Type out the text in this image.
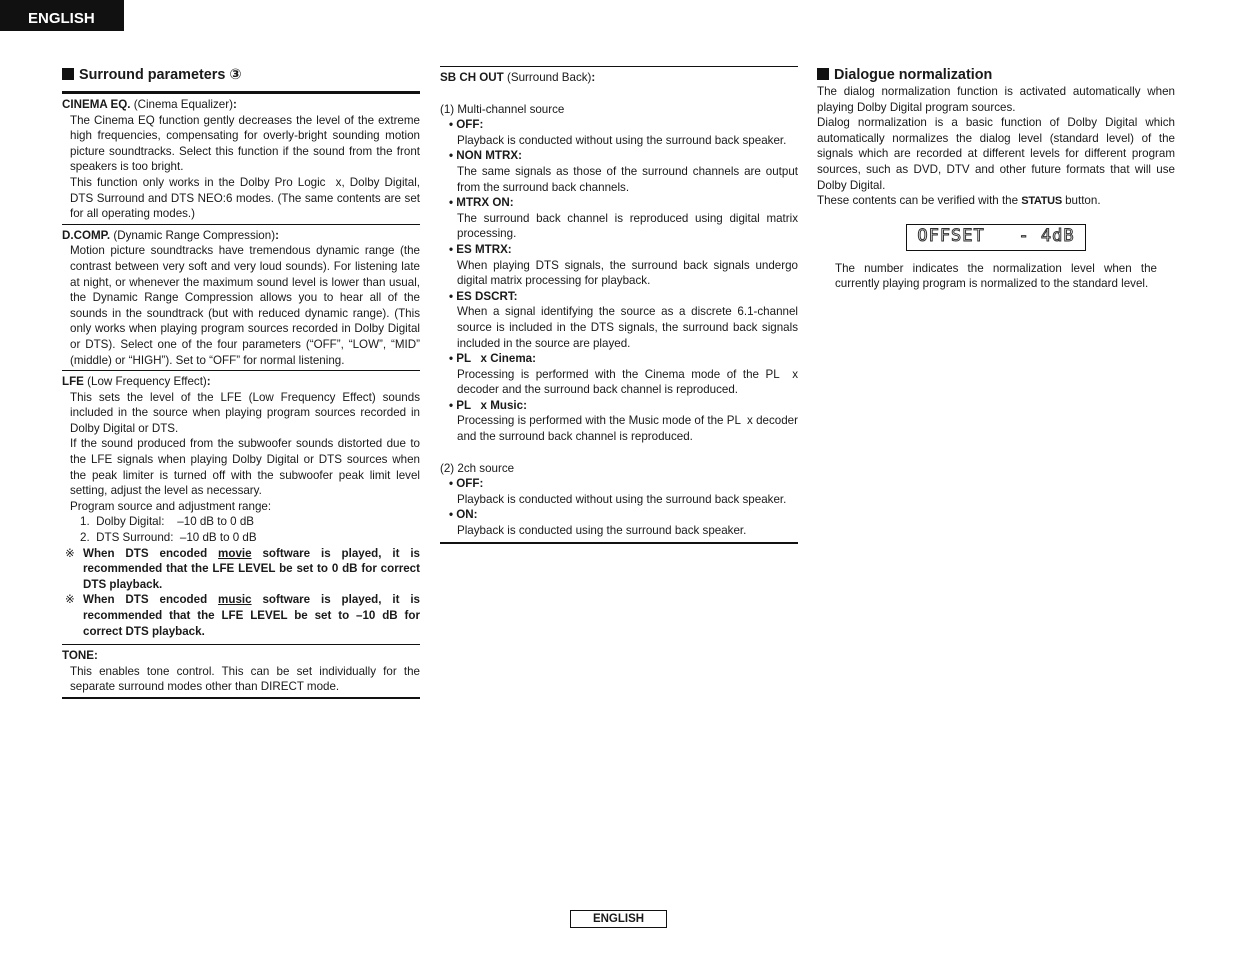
ENGLISH
Surround parameters ③
CINEMA EQ. (Cinema Equalizer):
The Cinema EQ function gently decreases the level of the extreme high frequencies, compensating for overly-bright sounding motion picture soundtracks. Select this function if the sound from the front speakers is too bright.
This function only works in the Dolby Pro Logic  x, Dolby Digital, DTS Surround and DTS NEO:6 modes. (The same contents are set for all operating modes.)
D.COMP. (Dynamic Range Compression):
Motion picture soundtracks have tremendous dynamic range (the contrast between very soft and very loud sounds). For listening late at night, or whenever the maximum sound level is lower than usual, the Dynamic Range Compression allows you to hear all of the sounds in the soundtrack (but with reduced dynamic range). (This only works when playing program sources recorded in Dolby Digital or DTS). Select one of the four parameters (“OFF”, “LOW”, “MID” (middle) or “HIGH”). Set to “OFF” for normal listening.
LFE (Low Frequency Effect):
This sets the level of the LFE (Low Frequency Effect) sounds included in the source when playing program sources recorded in Dolby Digital or DTS.
If the sound produced from the subwoofer sounds distorted due to the LFE signals when playing Dolby Digital or DTS sources when the peak limiter is turned off with the subwoofer peak limit level setting, adjust the level as necessary.
Program source and adjustment range:
1.  Dolby Digital:    –10 dB to 0 dB
2.  DTS Surround:  –10 dB to 0 dB
※ When DTS encoded movie software is played, it is recommended that the LFE LEVEL be set to 0 dB for correct DTS playback.
※ When DTS encoded music software is played, it is recommended that the LFE LEVEL be set to –10 dB for correct DTS playback.
TONE:
This enables tone control. This can be set individually for the separate surround modes other than DIRECT mode.
SB CH OUT (Surround Back):
(1) Multi-channel source
• OFF:
Playback is conducted without using the surround back speaker.
• NON MTRX:
The same signals as those of the surround channels are output from the surround back channels.
• MTRX ON:
The surround back channel is reproduced using digital matrix processing.
• ES MTRX:
When playing DTS signals, the surround back signals undergo digital matrix processing for playback.
• ES DSCRT:
When a signal identifying the source as a discrete 6.1-channel source is included in the DTS signals, the surround back signals included in the source are played.
• PL   x Cinema:
Processing is performed with the Cinema mode of the PL  x decoder and the surround back channel is reproduced.
• PL   x Music:
Processing is performed with the Music mode of the PL  x decoder and the surround back channel is reproduced.
(2) 2ch source
• OFF:
Playback is conducted without using the surround back speaker.
• ON:
Playback is conducted using the surround back speaker.
Dialogue normalization
The dialog normalization function is activated automatically when playing Dolby Digital program sources.
Dialog normalization is a basic function of Dolby Digital which automatically normalizes the dialog level (standard level) of the signals which are recorded at different levels for different program sources, such as DVD, DTV and other future formats that will use Dolby Digital.
These contents can be verified with the STATUS button.
OFFSET   - 4dB
The number indicates the normalization level when the currently playing program is normalized to the standard level.
ENGLISH
